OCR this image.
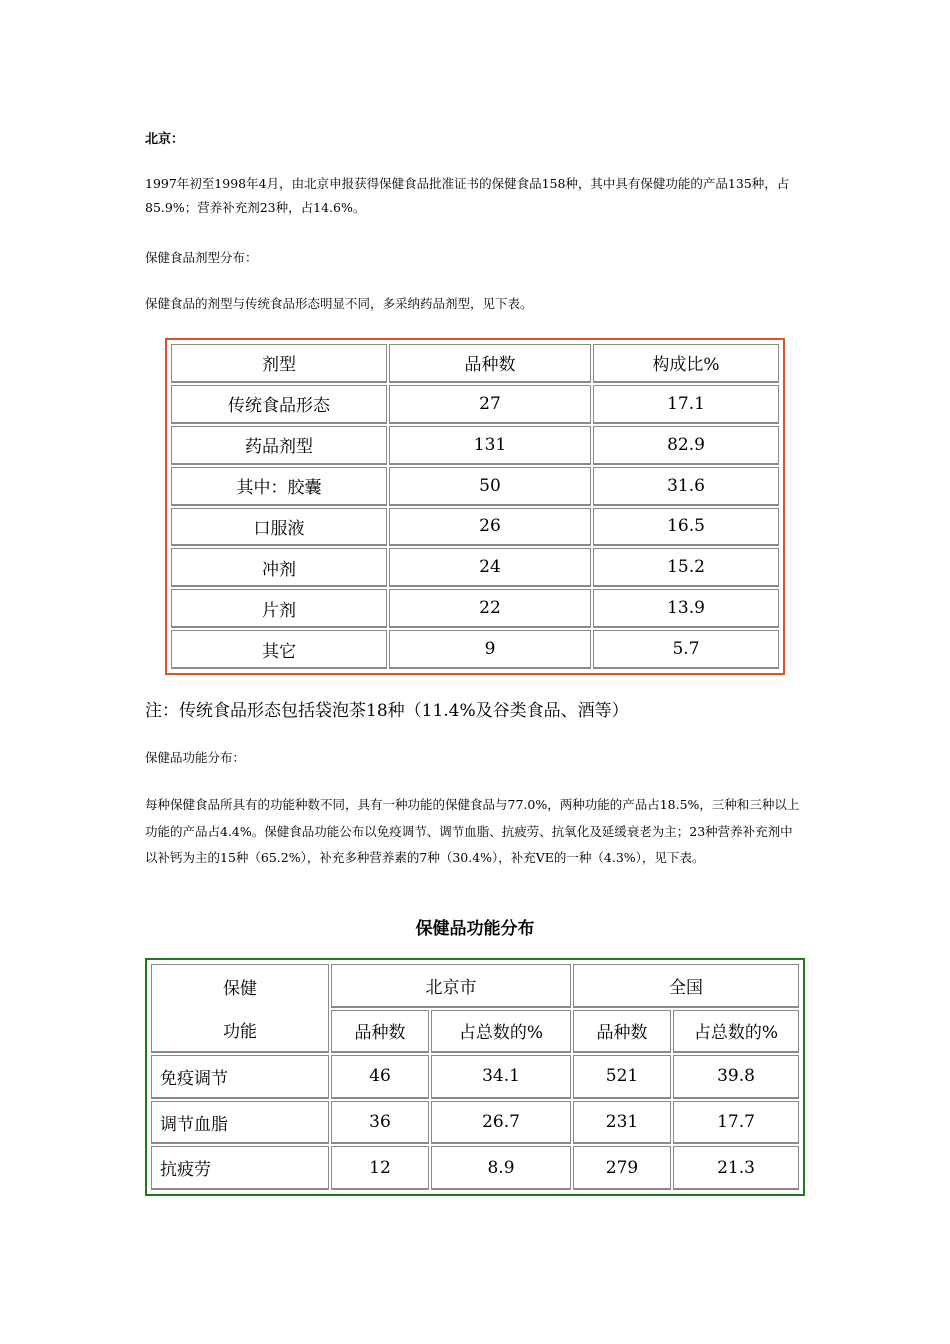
北京：

1997年初至1998年4月，由北京申报获得保健食品批准证书的保健食品158种，其中具有保健功能的产品135种，占85.9%；营养补充剂23种，占14.6%。

保健食品剂型分布：

保健食品的剂型与传统食品形态明显不同，多采纳药品剂型，见下表。

剂型	品种数	构成比%
传统食品形态	27	17.1
药品剂型	131	82.9
其中：胶囊	50	31.6
口服液	26	16.5
冲剂	24	15.2
片剂	22	13.9
其它	9	5.7
注：传统食品形态包括袋泡茶18种（11.4%及谷类食品、酒等）

保健品功能分布：

每种保健食品所具有的功能种数不同，具有一种功能的保健食品与77.0%，两种功能的产品占18.5%，三种和三种以上功能的产品占4.4%。保健食品功能公布以免疫调节、调节血脂、抗疲劳、抗氧化及延缓衰老为主；23种营养补充剂中以补钙为主的15种（65.2%），补充多种营养素的7种（30.4%），补充VE的一种（4.3%），见下表。

保健品功能分布
保健
功能	北京市		全国	
	品种数	占总数的%	品种数	占总数的%
免疫调节	46	34.1	521	39.8
调节血脂	36	26.7	231	17.7
抗疲劳	12	8.9	279	21.3
